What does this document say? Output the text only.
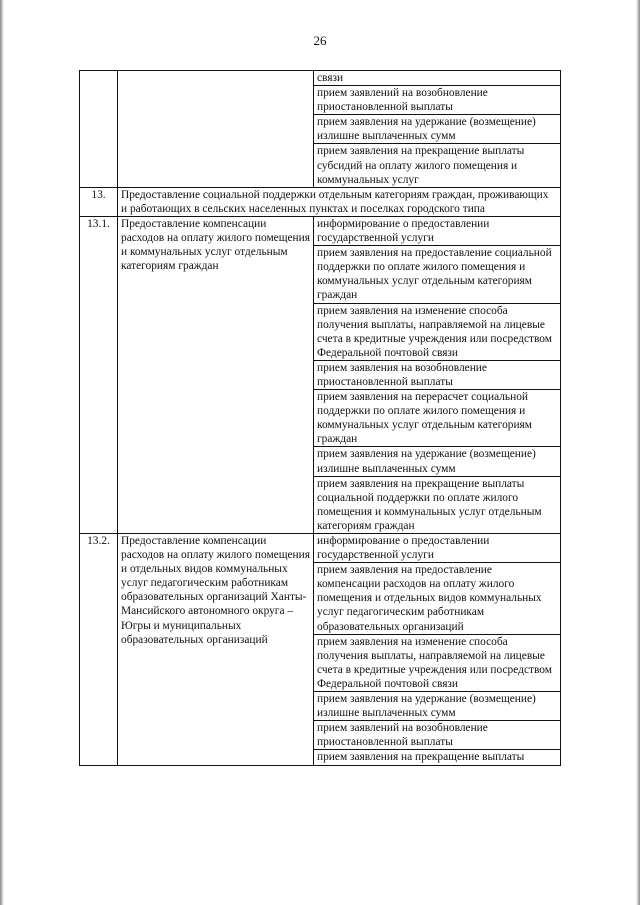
26
		связи
		прием заявлений на возобновление приостановленной выплаты
		прием заявления на удержание (возмещение) излишне выплаченных сумм
		прием заявления на прекращение выплаты субсидий на оплату жилого помещения и коммунальных услуг
13.	Предоставление социальной поддержки отдельным категориям граждан, проживающих и работающих в сельских населенных пунктах и поселках городского типа	
13.1.	Предоставление компенсации расходов на оплату жилого помещения и коммунальных услуг отдельным категориям граждан	информирование о предоставлении государственной услуги
		прием заявления на предоставление социальной поддержки по оплате жилого помещения и коммунальных услуг отдельным категориям граждан
		прием заявления на изменение способа получения выплаты, направляемой на лицевые счета в кредитные учреждения или посредством Федеральной почтовой связи
		прием заявления на возобновление приостановленной выплаты
		прием заявления на перерасчет социальной поддержки по оплате жилого помещения и коммунальных услуг отдельным категориям граждан
		прием заявления на удержание (возмещение) излишне выплаченных сумм
		прием заявления на прекращение выплаты социальной поддержки по оплате жилого помещения и коммунальных услуг отдельным категориям граждан
13.2.	Предоставление компенсации расходов на оплату жилого помещения и отдельных видов коммунальных услуг педагогическим работникам образовательных организаций Ханты-Мансийского автономного округа – Югры и муниципальных образовательных организаций	информирование о предоставлении государственной услуги
		прием заявления на предоставление компенсации расходов на оплату жилого помещения и отдельных видов коммунальных услуг педагогическим работникам образовательных организаций
		прием заявления на изменение способа получения выплаты, направляемой на лицевые счета в кредитные учреждения или посредством Федеральной почтовой связи
		прием заявления на удержание (возмещение) излишне выплаченных сумм
		прием заявлений на возобновление приостановленной выплаты
		прием заявления на прекращение выплаты
